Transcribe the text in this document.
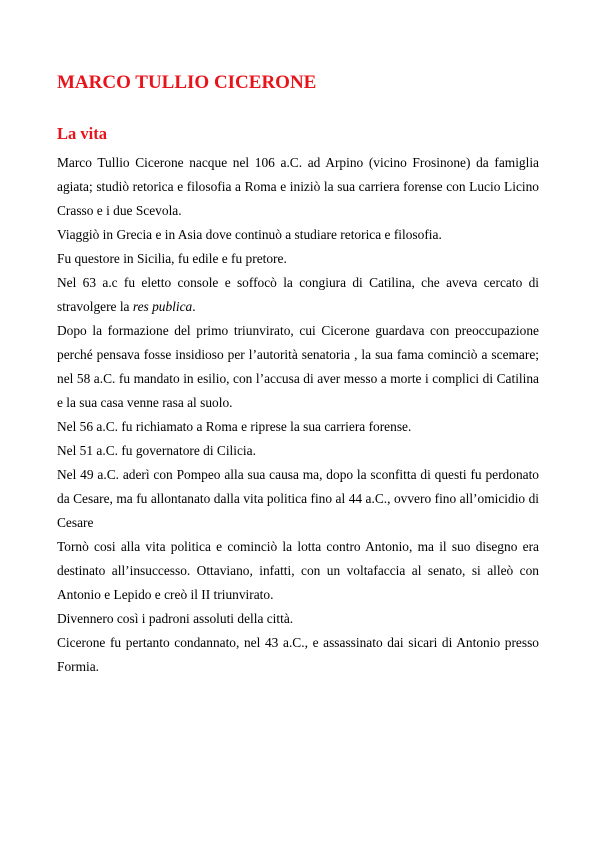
MARCO TULLIO CICERONE
La vita

Marco Tullio Cicerone nacque nel 106 a.C. ad Arpino (vicino Frosinone) da famiglia agiata; studiò retorica e filosofia a Roma e iniziò la sua carriera forense con Lucio Licino Crasso e i due Scevola.

Viaggiò in Grecia e in Asia dove continuò a studiare retorica e filosofia.

Fu questore in Sicilia, fu edile e fu pretore.

Nel 63 a.c fu eletto console e soffocò la congiura di Catilina, che aveva cercato di stravolgere la res publica.

Dopo la formazione del primo triunvirato, cui Cicerone guardava con preoccupazione perché pensava fosse insidioso per l’autorità senatoria , la sua fama cominciò a scemare; nel 58 a.C. fu mandato in esilio, con l’accusa di aver messo a morte i complici di Catilina e la sua casa venne rasa al suolo.

Nel 56 a.C. fu richiamato a Roma e riprese la sua carriera forense.

Nel 51 a.C. fu governatore di Cilicia.

Nel 49 a.C. aderì con Pompeo alla sua causa ma, dopo la sconfitta di questi fu perdonato da Cesare, ma fu allontanato dalla vita politica fino al 44 a.C., ovvero fino all’omicidio di Cesare

Tornò cosi alla vita politica e cominciò la lotta contro Antonio, ma il suo disegno era destinato all’insuccesso. Ottaviano, infatti, con un voltafaccia al senato, si alleò con Antonio e Lepido e creò il II triunvirato.

Divennero così i padroni assoluti della città.

Cicerone fu pertanto condannato, nel 43 a.C., e assassinato dai sicari di Antonio presso Formia.
